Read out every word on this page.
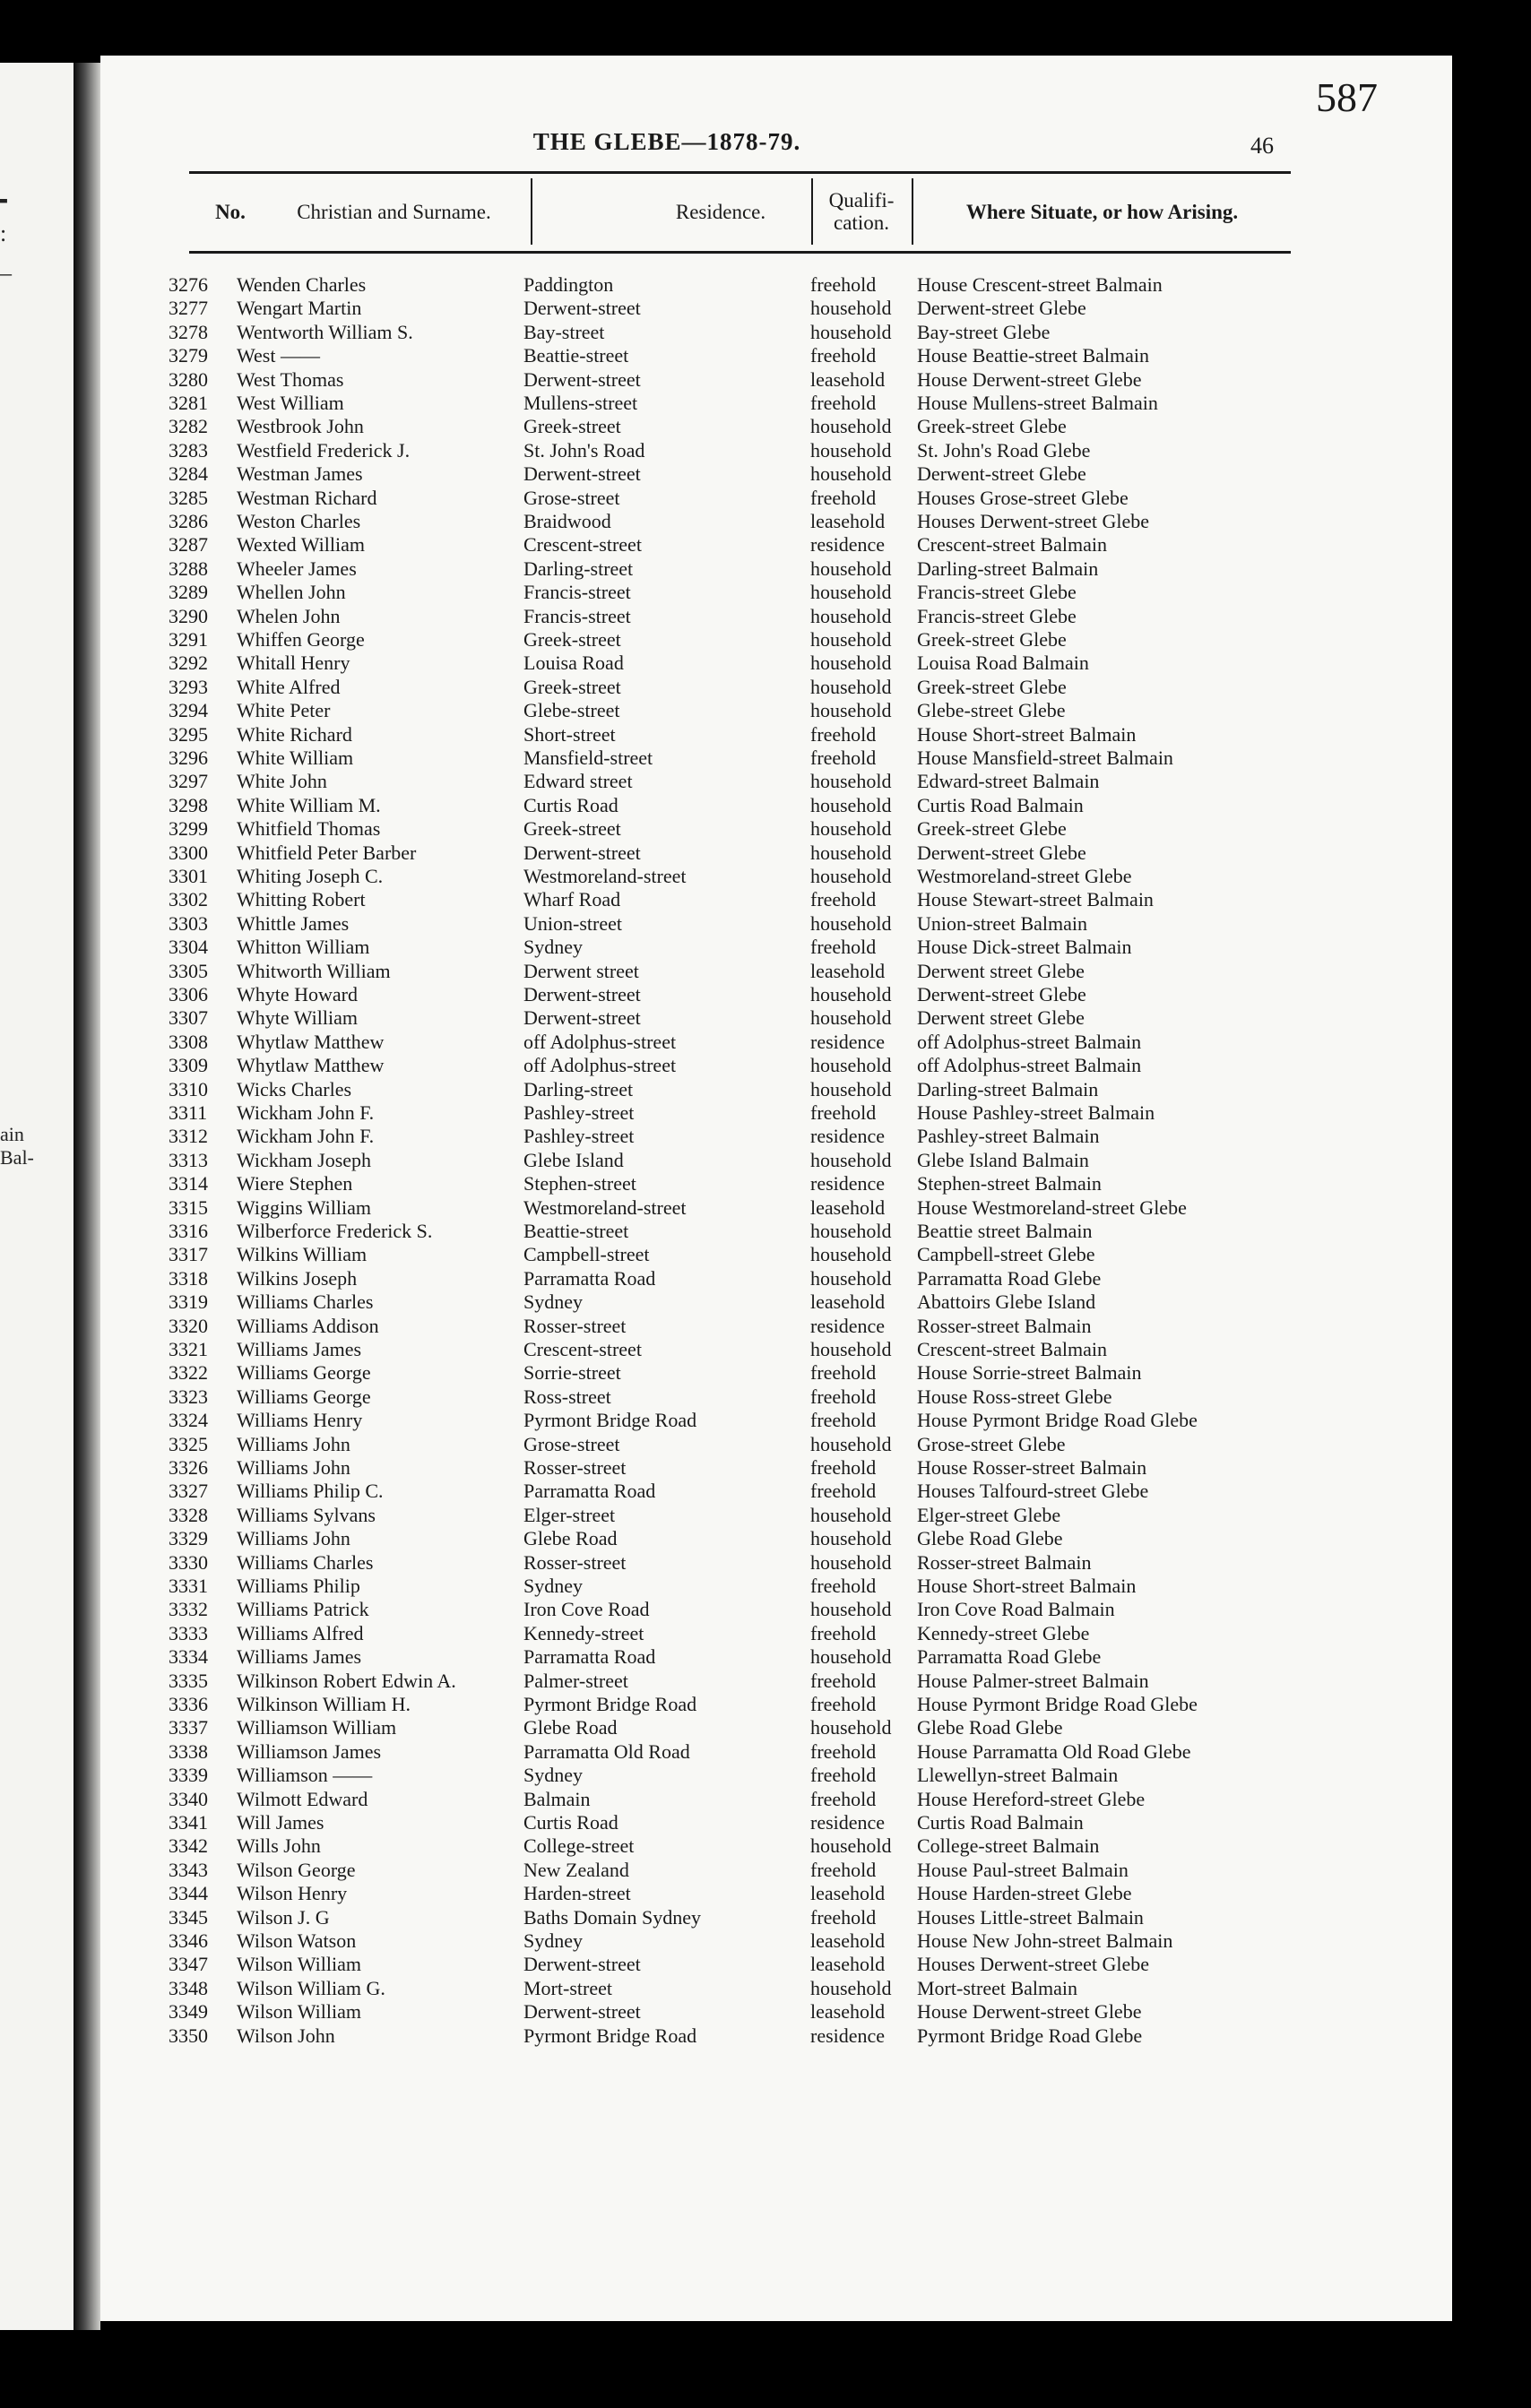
╸
:
–
ain
Bal-
587
THE GLEBE—1878-79.	46
No.	Christian and Surname.	Residence.	Qualifi-
cation.	Where Situate, or how Arising.
3276 Wenden Charles	Paddington	freehold House Crescent-street Balmain
3277 Wengart Martin	Derwent-street	household Derwent-street Glebe
3278 Wentworth William S.	Bay-street	household Bay-street Glebe
3279 West ——	Beattie-street	freehold House Beattie-street Balmain
3280 West Thomas	Derwent-street	leasehold House Derwent-street Glebe
3281 West William	Mullens-street	freehold House Mullens-street Balmain
3282 Westbrook John	Greek-street	household Greek-street Glebe
3283 Westfield Frederick J.	St. John's Road	household St. John's Road Glebe
3284 Westman James	Derwent-street	household Derwent-street Glebe
3285 Westman Richard	Grose-street	freehold Houses Grose-street Glebe
3286 Weston Charles	Braidwood	leasehold Houses Derwent-street Glebe
3287 Wexted William	Crescent-street	residence Crescent-street Balmain
3288 Wheeler James	Darling-street	household Darling-street Balmain
3289 Whellen John	Francis-street	household Francis-street Glebe
3290 Whelen John	Francis-street	household Francis-street Glebe
3291 Whiffen George	Greek-street	household Greek-street Glebe
3292 Whitall Henry	Louisa Road	household Louisa Road Balmain
3293 White Alfred	Greek-street	household Greek-street Glebe
3294 White Peter	Glebe-street	household Glebe-street Glebe
3295 White Richard	Short-street	freehold House Short-street Balmain
3296 White William	Mansfield-street	freehold House Mansfield-street Balmain
3297 White John	Edward street	household Edward-street Balmain
3298 White William M.	Curtis Road	household Curtis Road Balmain
3299 Whitfield Thomas	Greek-street	household Greek-street Glebe
3300 Whitfield Peter Barber	Derwent-street	household Derwent-street Glebe
3301 Whiting Joseph C.	Westmoreland-street	household Westmoreland-street Glebe
3302 Whitting Robert	Wharf Road	freehold House Stewart-street Balmain
3303 Whittle James	Union-street	household Union-street Balmain
3304 Whitton William	Sydney	freehold House Dick-street Balmain
3305 Whitworth William	Derwent street	leasehold Derwent street Glebe
3306 Whyte Howard	Derwent-street	household Derwent-street Glebe
3307 Whyte William	Derwent-street	household Derwent street Glebe
3308 Whytlaw Matthew	off Adolphus-street	residence off Adolphus-street Balmain
3309 Whytlaw Matthew	off Adolphus-street	household off Adolphus-street Balmain
3310 Wicks Charles	Darling-street	household Darling-street Balmain
3311 Wickham John F.	Pashley-street	freehold House Pashley-street Balmain
3312 Wickham John F.	Pashley-street	residence Pashley-street Balmain
3313 Wickham Joseph	Glebe Island	household Glebe Island Balmain
3314 Wiere Stephen	Stephen-street	residence Stephen-street Balmain
3315 Wiggins William	Westmoreland-street	leasehold House Westmoreland-street Glebe
3316 Wilberforce Frederick S.	Beattie-street	household Beattie street Balmain
3317 Wilkins William	Campbell-street	household Campbell-street Glebe
3318 Wilkins Joseph	Parramatta Road	household Parramatta Road Glebe
3319 Williams Charles	Sydney	leasehold Abattoirs Glebe Island
3320 Williams Addison	Rosser-street	residence Rosser-street Balmain
3321 Williams James	Crescent-street	household Crescent-street Balmain
3322 Williams George	Sorrie-street	freehold House Sorrie-street Balmain
3323 Williams George	Ross-street	freehold House Ross-street Glebe
3324 Williams Henry	Pyrmont Bridge Road	freehold House Pyrmont Bridge Road Glebe
3325 Williams John	Grose-street	household Grose-street Glebe
3326 Williams John	Rosser-street	freehold House Rosser-street Balmain
3327 Williams Philip C.	Parramatta Road	freehold Houses Talfourd-street Glebe
3328 Williams Sylvans	Elger-street	household Elger-street Glebe
3329 Williams John	Glebe Road	household Glebe Road Glebe
3330 Williams Charles	Rosser-street	household Rosser-street Balmain
3331 Williams Philip	Sydney	freehold House Short-street Balmain
3332 Williams Patrick	Iron Cove Road	household Iron Cove Road Balmain
3333 Williams Alfred	Kennedy-street	freehold Kennedy-street Glebe
3334 Williams James	Parramatta Road	household Parramatta Road Glebe
3335 Wilkinson Robert Edwin A.	Palmer-street	freehold House Palmer-street Balmain
3336 Wilkinson William H.	Pyrmont Bridge Road	freehold House Pyrmont Bridge Road Glebe
3337 Williamson William	Glebe Road	household Glebe Road Glebe
3338 Williamson James	Parramatta Old Road	freehold House Parramatta Old Road Glebe
3339 Williamson ——	Sydney	freehold Llewellyn-street Balmain
3340 Wilmott Edward	Balmain	freehold House Hereford-street Glebe
3341 Will James	Curtis Road	residence Curtis Road Balmain
3342 Wills John	College-street	household College-street Balmain
3343 Wilson George	New Zealand	freehold House Paul-street Balmain
3344 Wilson Henry	Harden-street	leasehold House Harden-street Glebe
3345 Wilson J. G	Baths Domain Sydney	freehold Houses Little-street Balmain
3346 Wilson Watson	Sydney	leasehold House New John-street Balmain
3347 Wilson William	Derwent-street	leasehold Houses Derwent-street Glebe
3348 Wilson William G.	Mort-street	household Mort-street Balmain
3349 Wilson William	Derwent-street	leasehold House Derwent-street Glebe
3350 Wilson John	Pyrmont Bridge Road	residence Pyrmont Bridge Road Glebe
